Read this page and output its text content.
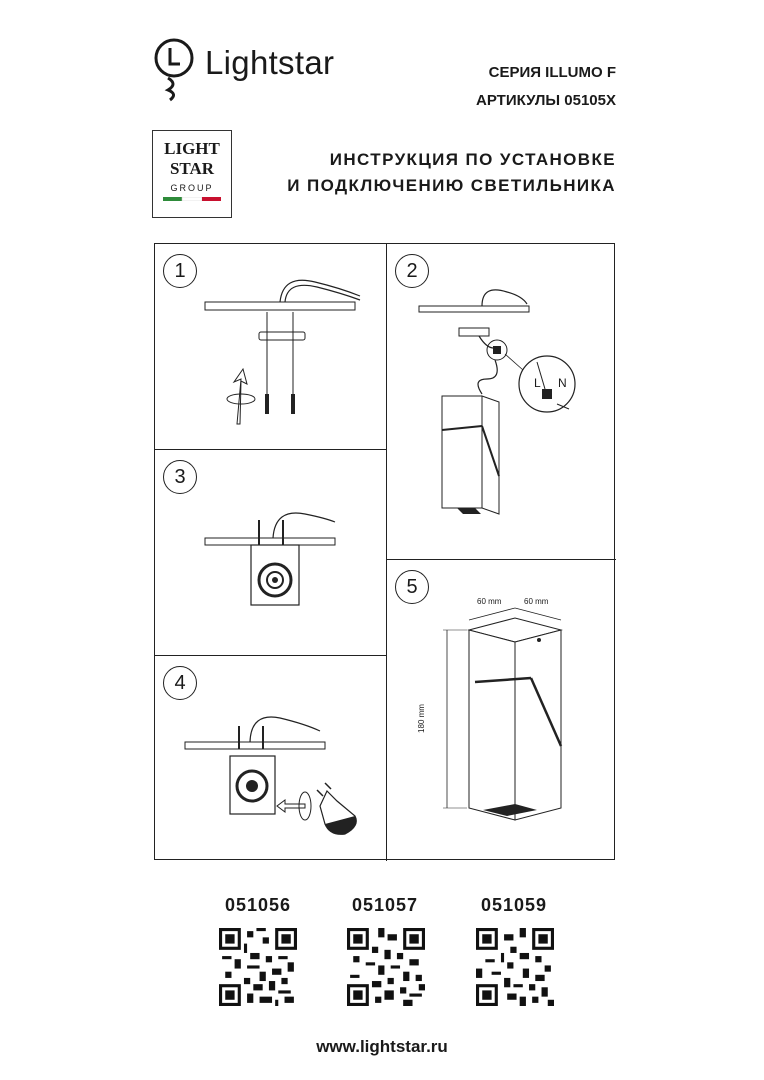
Lightstar	СЕРИЯ ILLUMO F
АРТИКУЛЫ 05105X
LIGHT
STAR
GROUP
ИНСТРУКЦИЯ ПО УСТАНОВКЕ
И ПОДКЛЮЧЕНИЮ СВЕТИЛЬНИКА
1	2
L N
3
4
5
60 mm	60 mm
180 mm
051056	051057	051059
www.lightstar.ru
